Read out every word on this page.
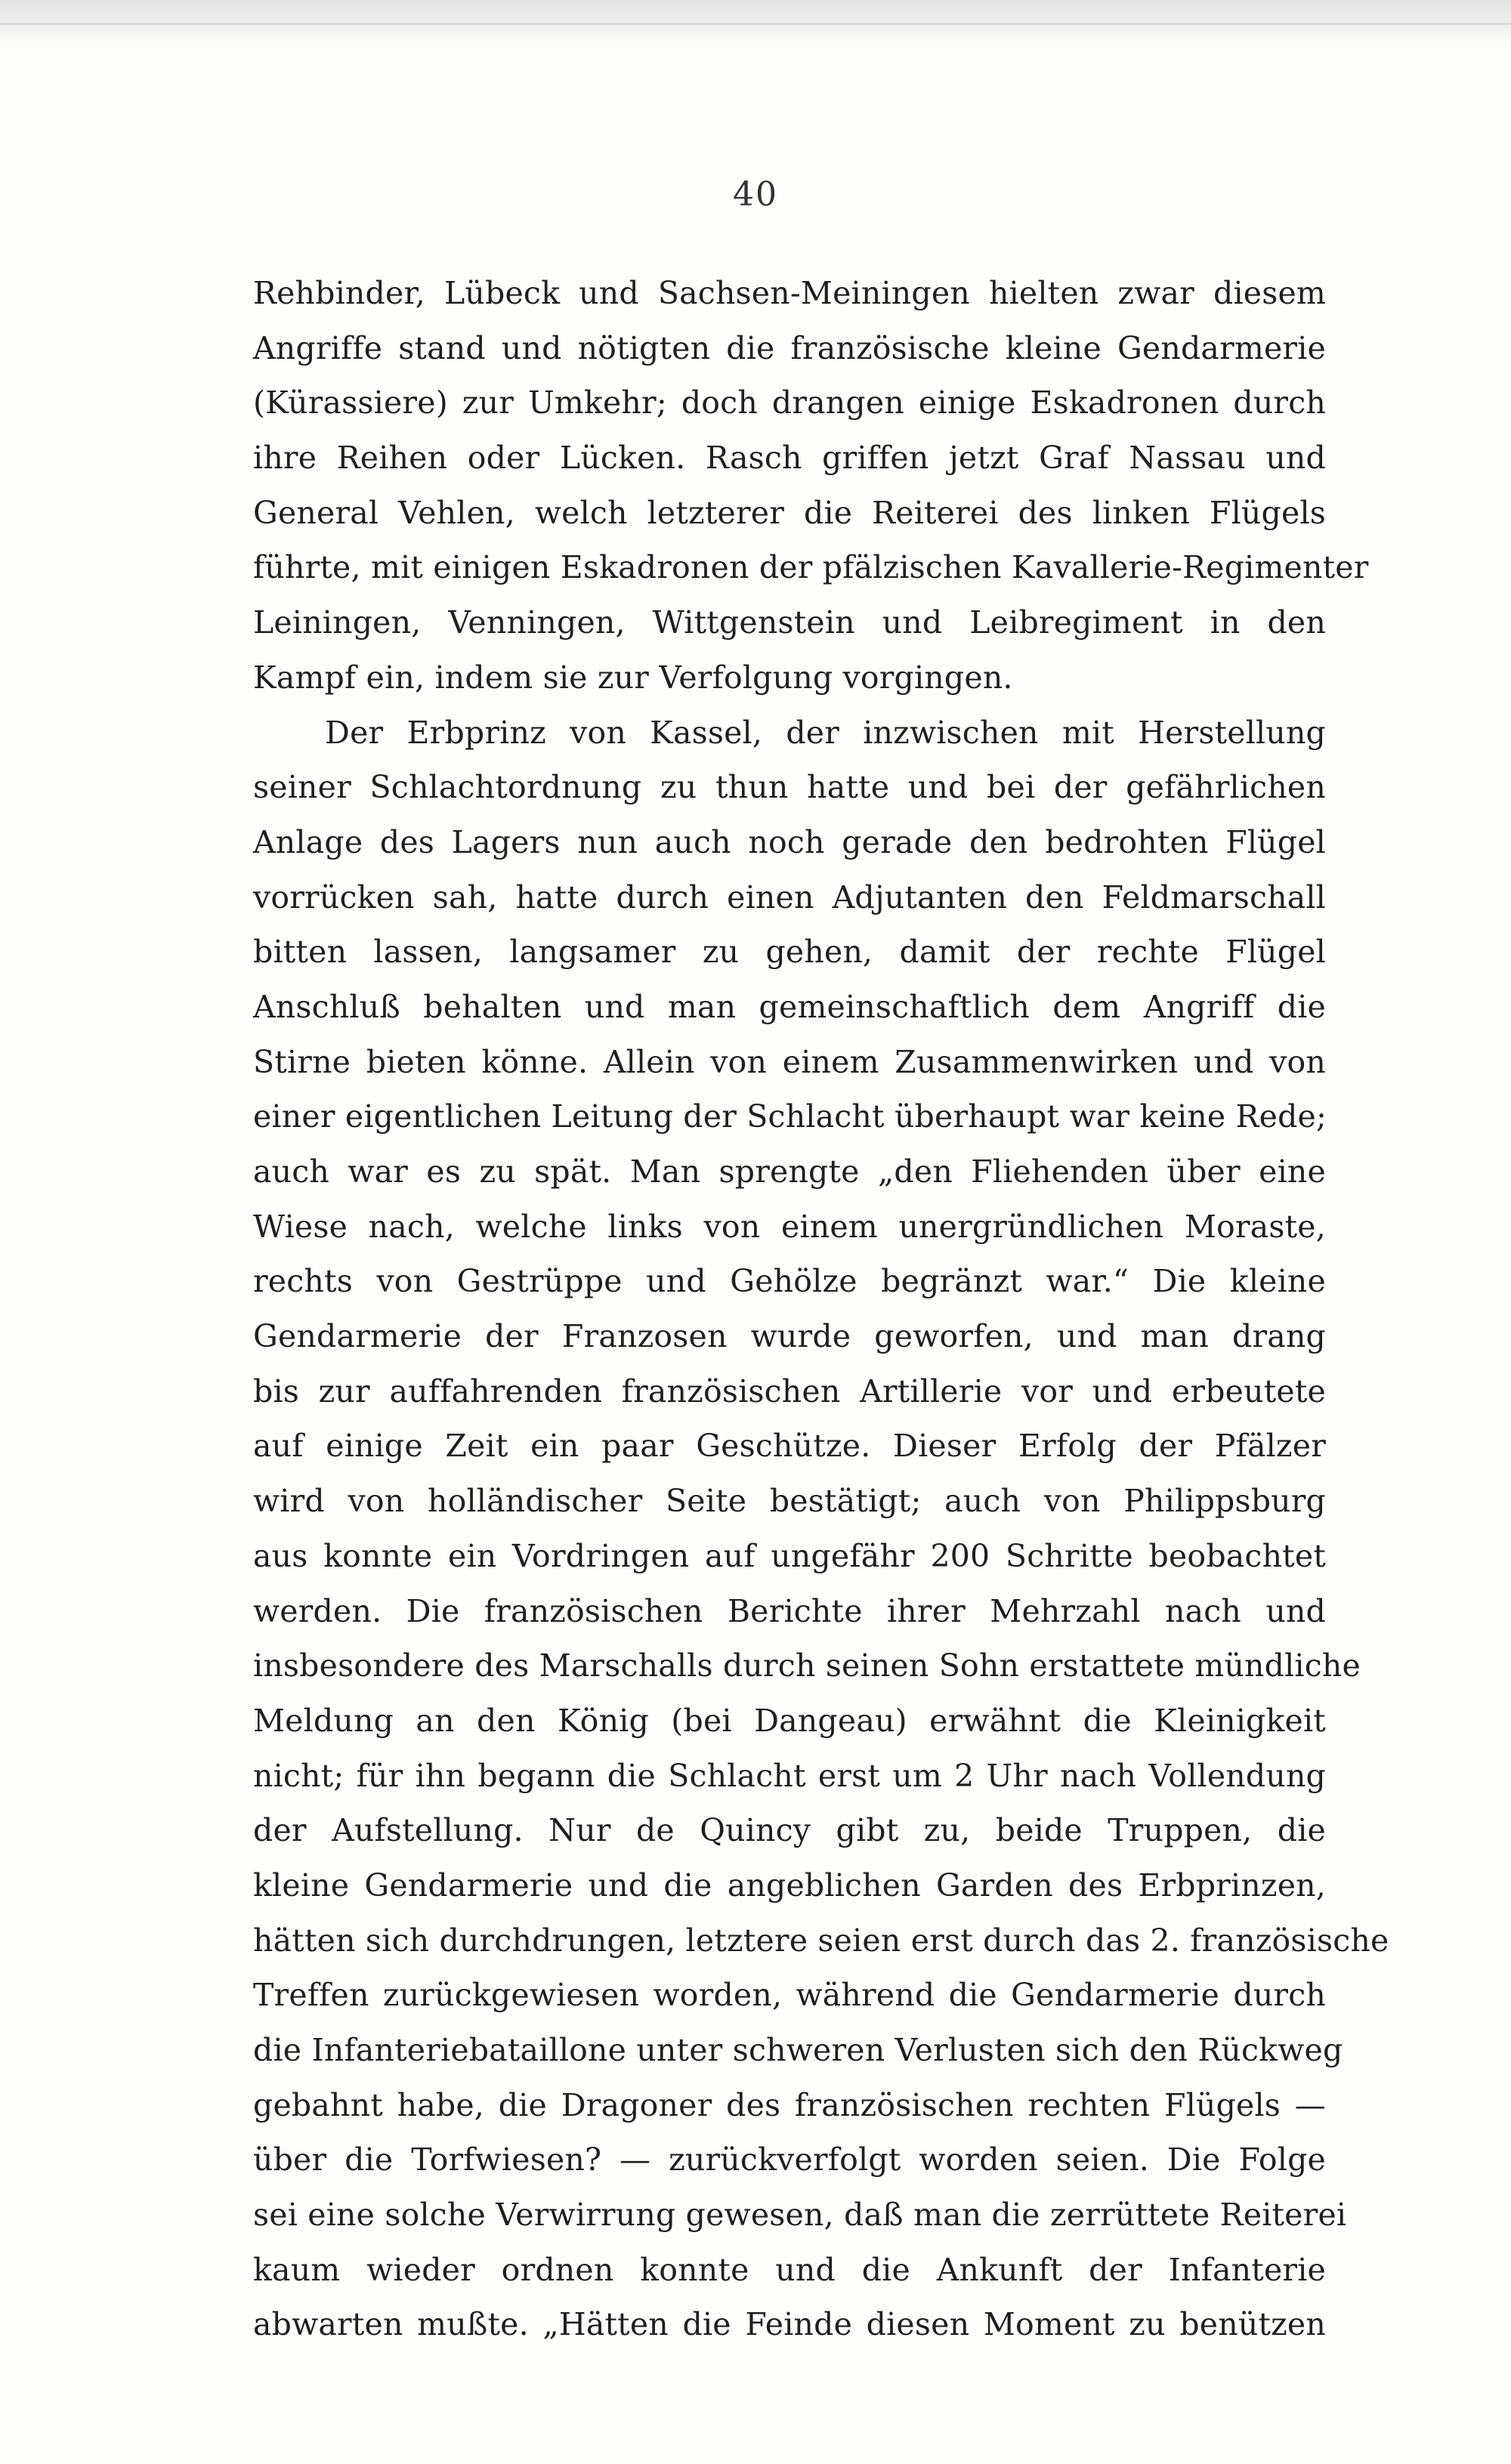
40
Rehbinder, Lübeck und Sachsen-Meiningen hielten zwar diesem
Angriffe stand und nötigten die französische kleine Gendarmerie
(Kürassiere) zur Umkehr; doch drangen einige Eskadronen durch
ihre Reihen oder Lücken. Rasch griffen jetzt Graf Nassau und
General Vehlen, welch letzterer die Reiterei des linken Flügels
führte, mit einigen Eskadronen der pfälzischen Kavallerie-Regimenter
Leiningen, Venningen, Wittgenstein und Leibregiment in den
Kampf ein, indem sie zur Verfolgung vorgingen.
Der Erbprinz von Kassel, der inzwischen mit Herstellung
seiner Schlachtordnung zu thun hatte und bei der gefährlichen
Anlage des Lagers nun auch noch gerade den bedrohten Flügel
vorrücken sah, hatte durch einen Adjutanten den Feldmarschall
bitten lassen, langsamer zu gehen, damit der rechte Flügel
Anschluß behalten und man gemeinschaftlich dem Angriff die
Stirne bieten könne. Allein von einem Zusammenwirken und von
einer eigentlichen Leitung der Schlacht überhaupt war keine Rede;
auch war es zu spät. Man sprengte „den Fliehenden über eine
Wiese nach, welche links von einem unergründlichen Moraste,
rechts von Gestrüppe und Gehölze begränzt war.“ Die kleine
Gendarmerie der Franzosen wurde geworfen, und man drang
bis zur auffahrenden französischen Artillerie vor und erbeutete
auf einige Zeit ein paar Geschütze. Dieser Erfolg der Pfälzer
wird von holländischer Seite bestätigt; auch von Philippsburg
aus konnte ein Vordringen auf ungefähr 200 Schritte beobachtet
werden. Die französischen Berichte ihrer Mehrzahl nach und
insbesondere des Marschalls durch seinen Sohn erstattete mündliche
Meldung an den König (bei Dangeau) erwähnt die Kleinigkeit
nicht; für ihn begann die Schlacht erst um 2 Uhr nach Vollendung
der Aufstellung. Nur de Quincy gibt zu, beide Truppen, die
kleine Gendarmerie und die angeblichen Garden des Erbprinzen,
hätten sich durchdrungen, letztere seien erst durch das 2. französische
Treffen zurückgewiesen worden, während die Gendarmerie durch
die Infanteriebataillone unter schweren Verlusten sich den Rückweg
gebahnt habe, die Dragoner des französischen rechten Flügels —
über die Torfwiesen? — zurückverfolgt worden seien. Die Folge
sei eine solche Verwirrung gewesen, daß man die zerrüttete Reiterei
kaum wieder ordnen konnte und die Ankunft der Infanterie
abwarten mußte. „Hätten die Feinde diesen Moment zu benützen
